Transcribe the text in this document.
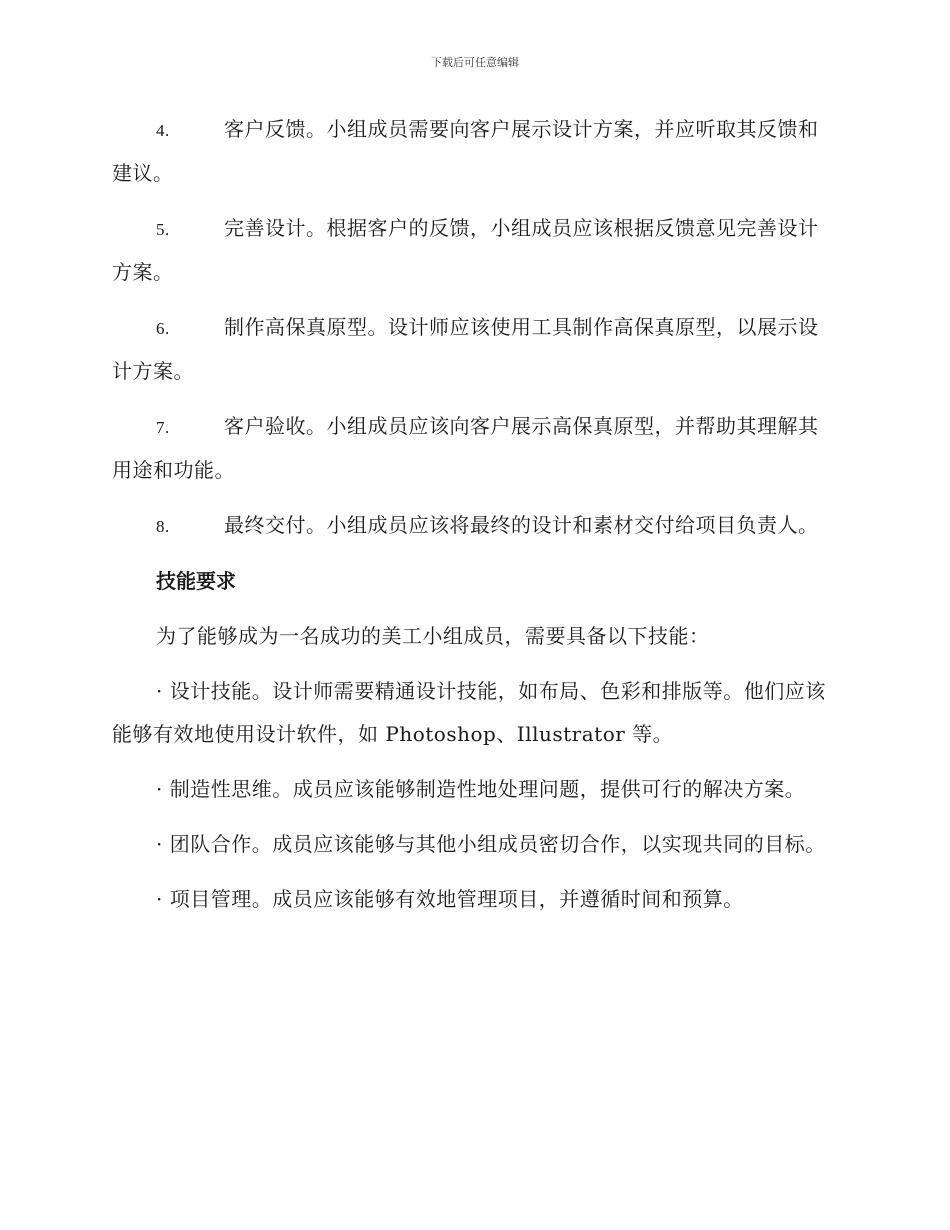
下载后可任意编辑

4.	客户反馈。小组成员需要向客户展示设计方案，并应听取其反馈和建议。

5.	完善设计。根据客户的反馈，小组成员应该根据反馈意见完善设计方案。

6.	制作高保真原型。设计师应该使用工具制作高保真原型，以展示设计方案。

7.	客户验收。小组成员应该向客户展示高保真原型，并帮助其理解其用途和功能。

8.	最终交付。小组成员应该将最终的设计和素材交付给项目负责人。

技能要求

为了能够成为一名成功的美工小组成员，需要具备以下技能：

· 设计技能。设计师需要精通设计技能，如布局、色彩和排版等。他们应该能够有效地使用设计软件，如 Photoshop、Illustrator 等。

· 制造性思维。成员应该能够制造性地处理问题，提供可行的解决方案。

· 团队合作。成员应该能够与其他小组成员密切合作，以实现共同的目标。

· 项目管理。成员应该能够有效地管理项目，并遵循时间和预算。
